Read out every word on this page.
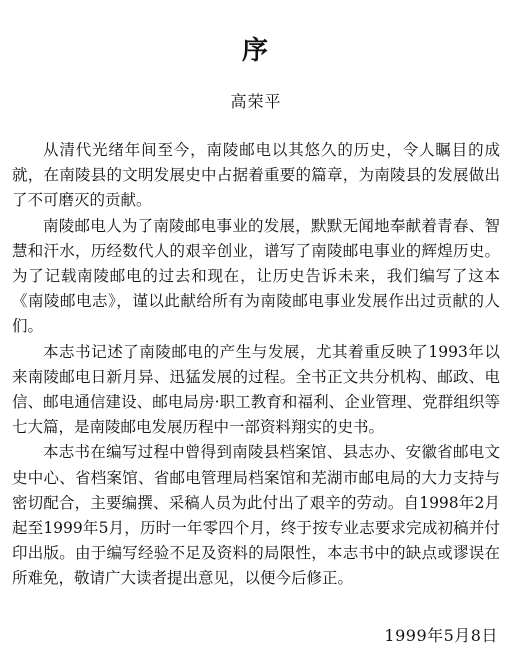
序
高荣平

从清代光绪年间至今，南陵邮电以其悠久的历史，令人瞩目的成就，在南陵县的文明发展史中占据着重要的篇章，为南陵县的发展做出了不可磨灭的贡献。

南陵邮电人为了南陵邮电事业的发展，默默无闻地奉献着青春、智慧和汗水，历经数代人的艰辛创业，谱写了南陵邮电事业的辉煌历史。为了记载南陵邮电的过去和现在，让历史告诉未来，我们编写了这本《南陵邮电志》，谨以此献给所有为南陵邮电事业发展作出过贡献的人们。

本志书记述了南陵邮电的产生与发展，尤其着重反映了1993年以来南陵邮电日新月异、迅猛发展的过程。全书正文共分机构、邮政、电信、邮电通信建设、邮电局房·职工教育和福利、企业管理、党群组织等七大篇，是南陵邮电发展历程中一部资料翔实的史书。

本志书在编写过程中曾得到南陵县档案馆、县志办、安徽省邮电文史中心、省档案馆、省邮电管理局档案馆和芜湖市邮电局的大力支持与密切配合，主要编撰、采稿人员为此付出了艰辛的劳动。自1998年2月起至1999年5月，历时一年零四个月，终于按专业志要求完成初稿并付印出版。由于编写经验不足及资料的局限性，本志书中的缺点或谬误在所难免，敬请广大读者提出意见，以便今后修正。

1999年5月8日
